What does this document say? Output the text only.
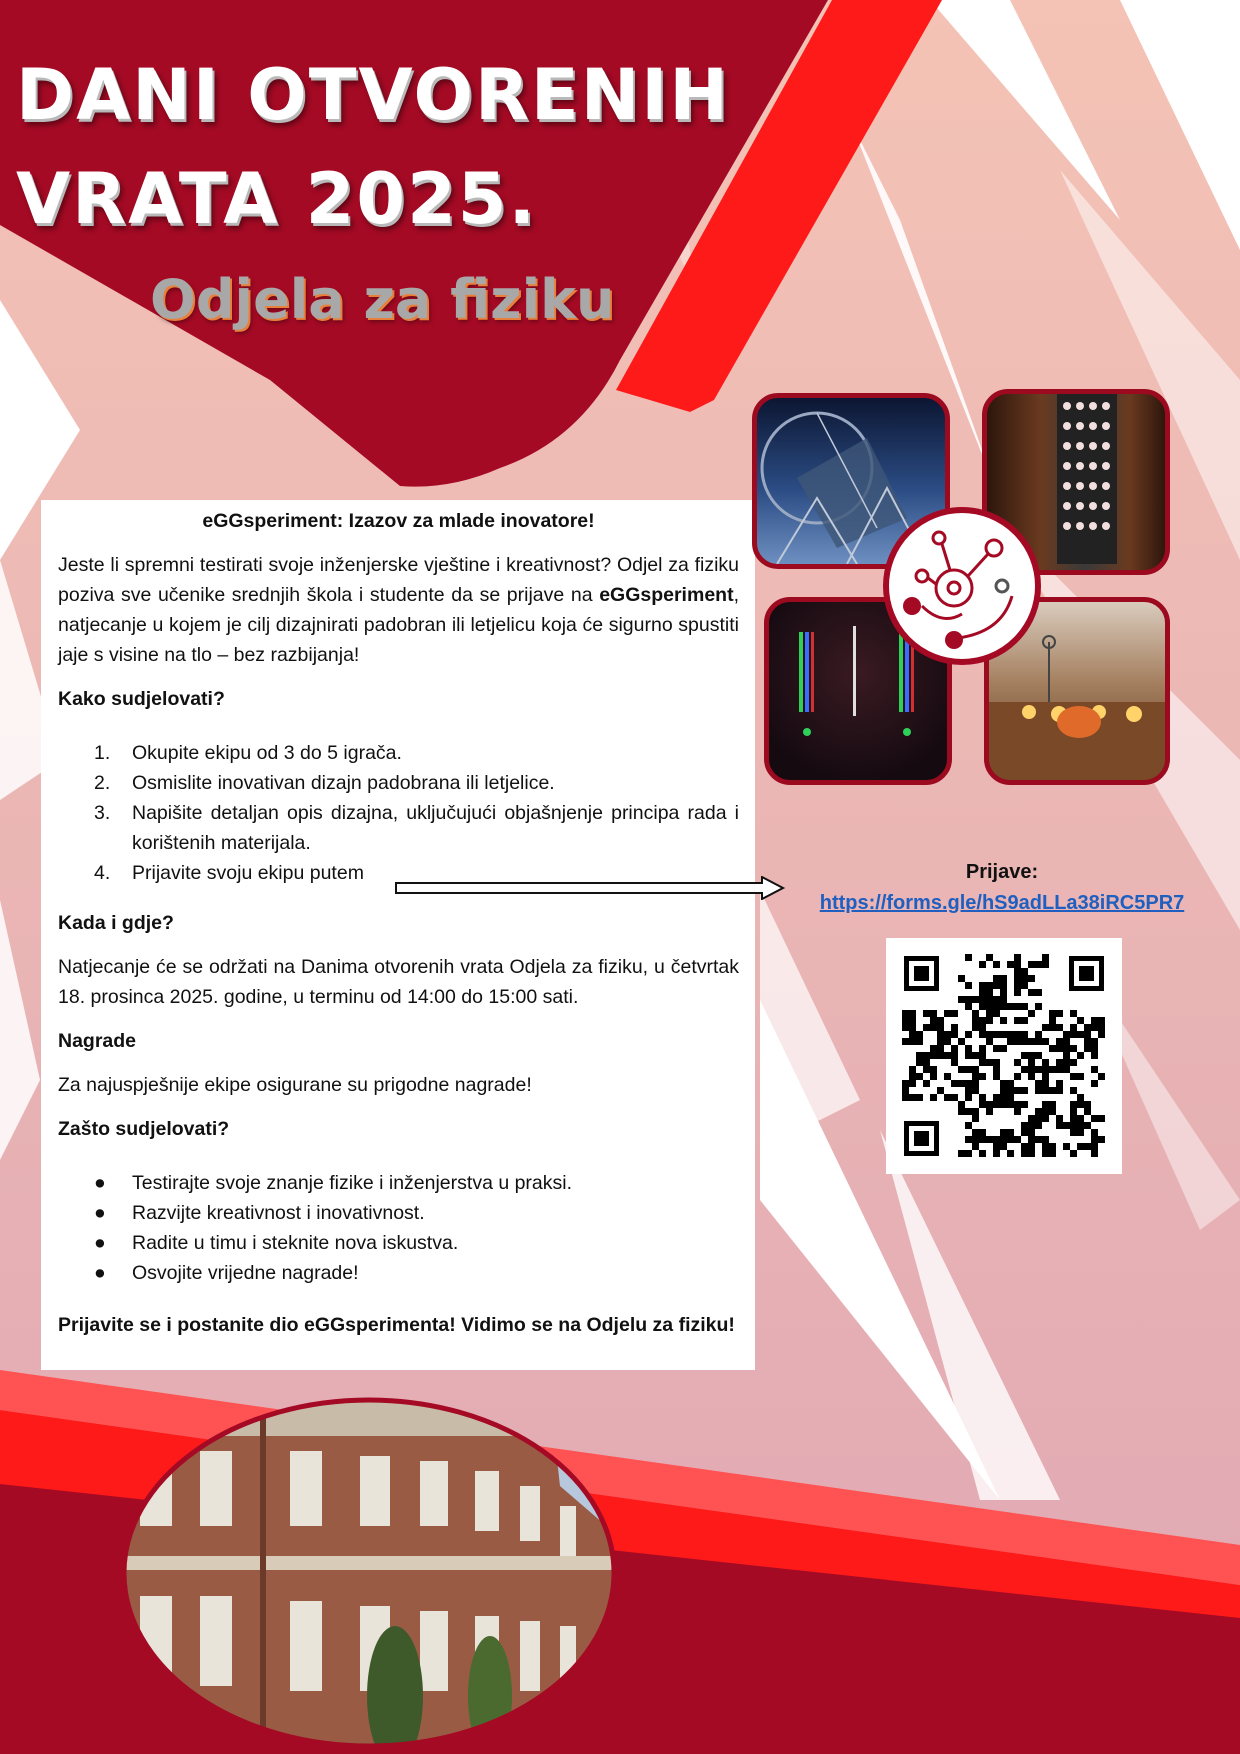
DANI OTVORENIH
VRATA 2025.
Odjela za fiziku

eGGsperiment: Izazov za mlade inovatore!

Jeste li spremni testirati svoje inženjerske vještine i kreativnost? Odjel za fiziku poziva sve učenike srednjih škola i studente da se prijave na eGGsperiment, natjecanje u kojem je cilj dizajnirati padobran ili letjelicu koja će sigurno spustiti jaje s visine na tlo – bez razbijanja!

Kako sudjelovati?

1. Okupite ekipu od 3 do 5 igrača.
2. Osmislite inovativan dizajn padobrana ili letjelice.
3. Napišite detaljan opis dizajna, uključujući objašnjenje principa rada i korištenih materijala.
4. Prijavite svoju ekipu putem

Kada i gdje?

Natjecanje će se održati na Danima otvorenih vrata Odjela za fiziku, u četvrtak 18. prosinca 2025. godine, u terminu od 14:00 do 15:00 sati.

Nagrade

Za najuspješnije ekipe osigurane su prigodne nagrade!

Zašto sudjelovati?

● Testirajte svoje znanje fizike i inženjerstva u praksi.
● Razvijte kreativnost i inovativnost.
● Radite u timu i steknite nova iskustva.
● Osvojite vrijedne nagrade!

Prijavite se i postanite dio eGGsperimenta! Vidimo se na Odjelu za fiziku!

Prijave:
https://forms.gle/hS9adLLa38iRC5PR7
